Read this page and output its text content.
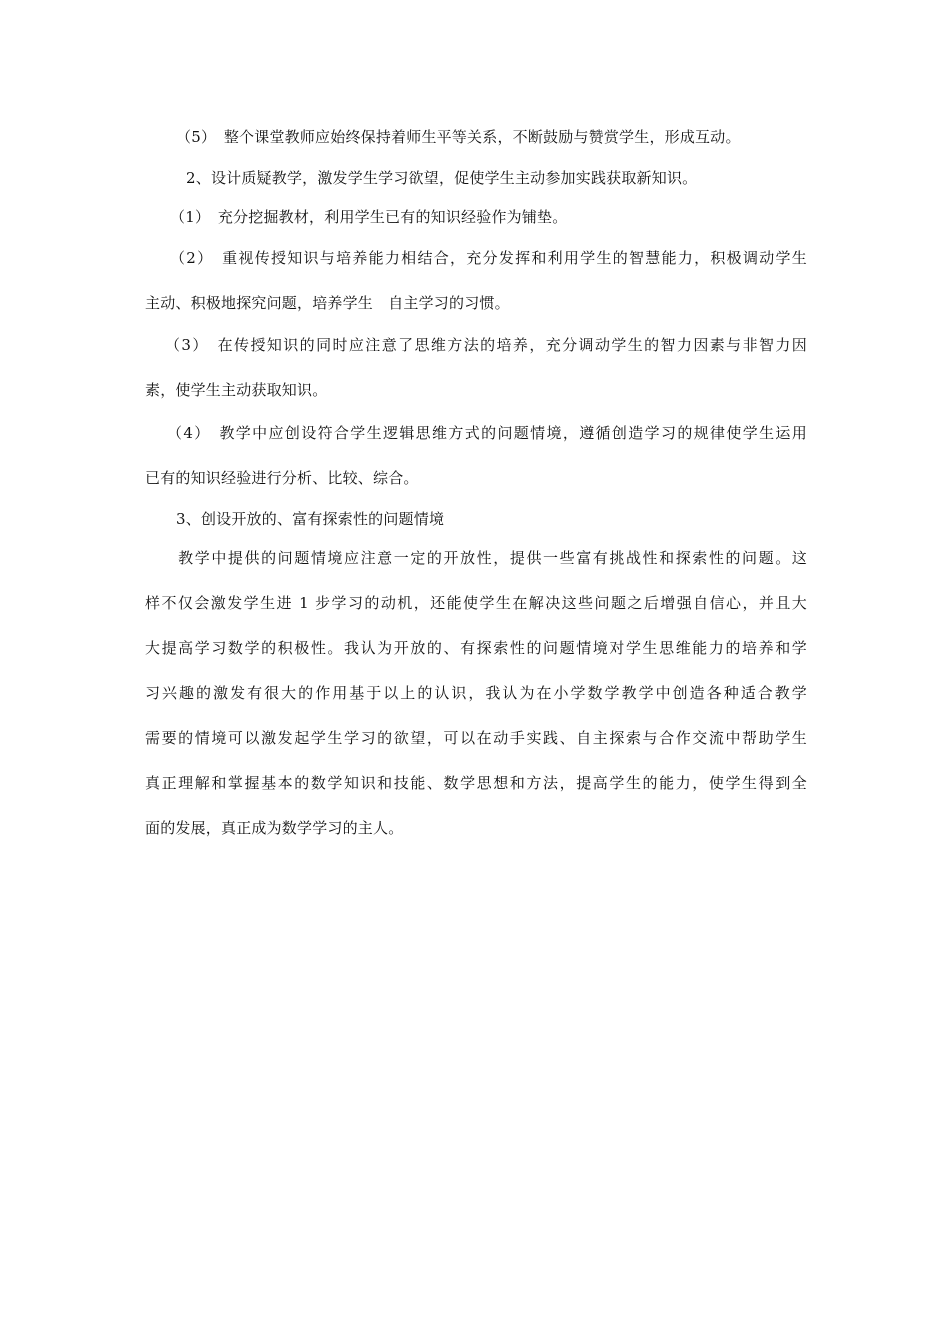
（5）　整个课堂教师应始终保持着师生平等关系，不断鼓励与赞赏学生，形成互动。
2、设计质疑教学，激发学生学习欲望，促使学生主动参加实践获取新知识。
（1）　充分挖掘教材，利用学生已有的知识经验作为铺垫。
（2）　重视传授知识与培养能力相结合，充分发挥和利用学生的智慧能力，积极调动学生
主动、积极地探究问题，培养学生　自主学习的习惯。
（3）　在传授知识的同时应注意了思维方法的培养，充分调动学生的智力因素与非智力因
素，使学生主动获取知识。
（4）　教学中应创设符合学生逻辑思维方式的问题情境，遵循创造学习的规律使学生运用
已有的知识经验进行分析、比较、综合。
3、创设开放的、富有探索性的问题情境
　　教学中提供的问题情境应注意一定的开放性，提供一些富有挑战性和探索性的问题。这
样不仅会激发学生进 1 步学习的动机，还能使学生在解决这些问题之后增强自信心，并且大
大提高学习数学的积极性。我认为开放的、有探索性的问题情境对学生思维能力的培养和学
习兴趣的激发有很大的作用基于以上的认识，我认为在小学数学教学中创造各种适合教学
需要的情境可以激发起学生学习的欲望，可以在动手实践、自主探索与合作交流中帮助学生
真正理解和掌握基本的数学知识和技能、数学思想和方法，提高学生的能力，使学生得到全
面的发展，真正成为数学学习的主人。
